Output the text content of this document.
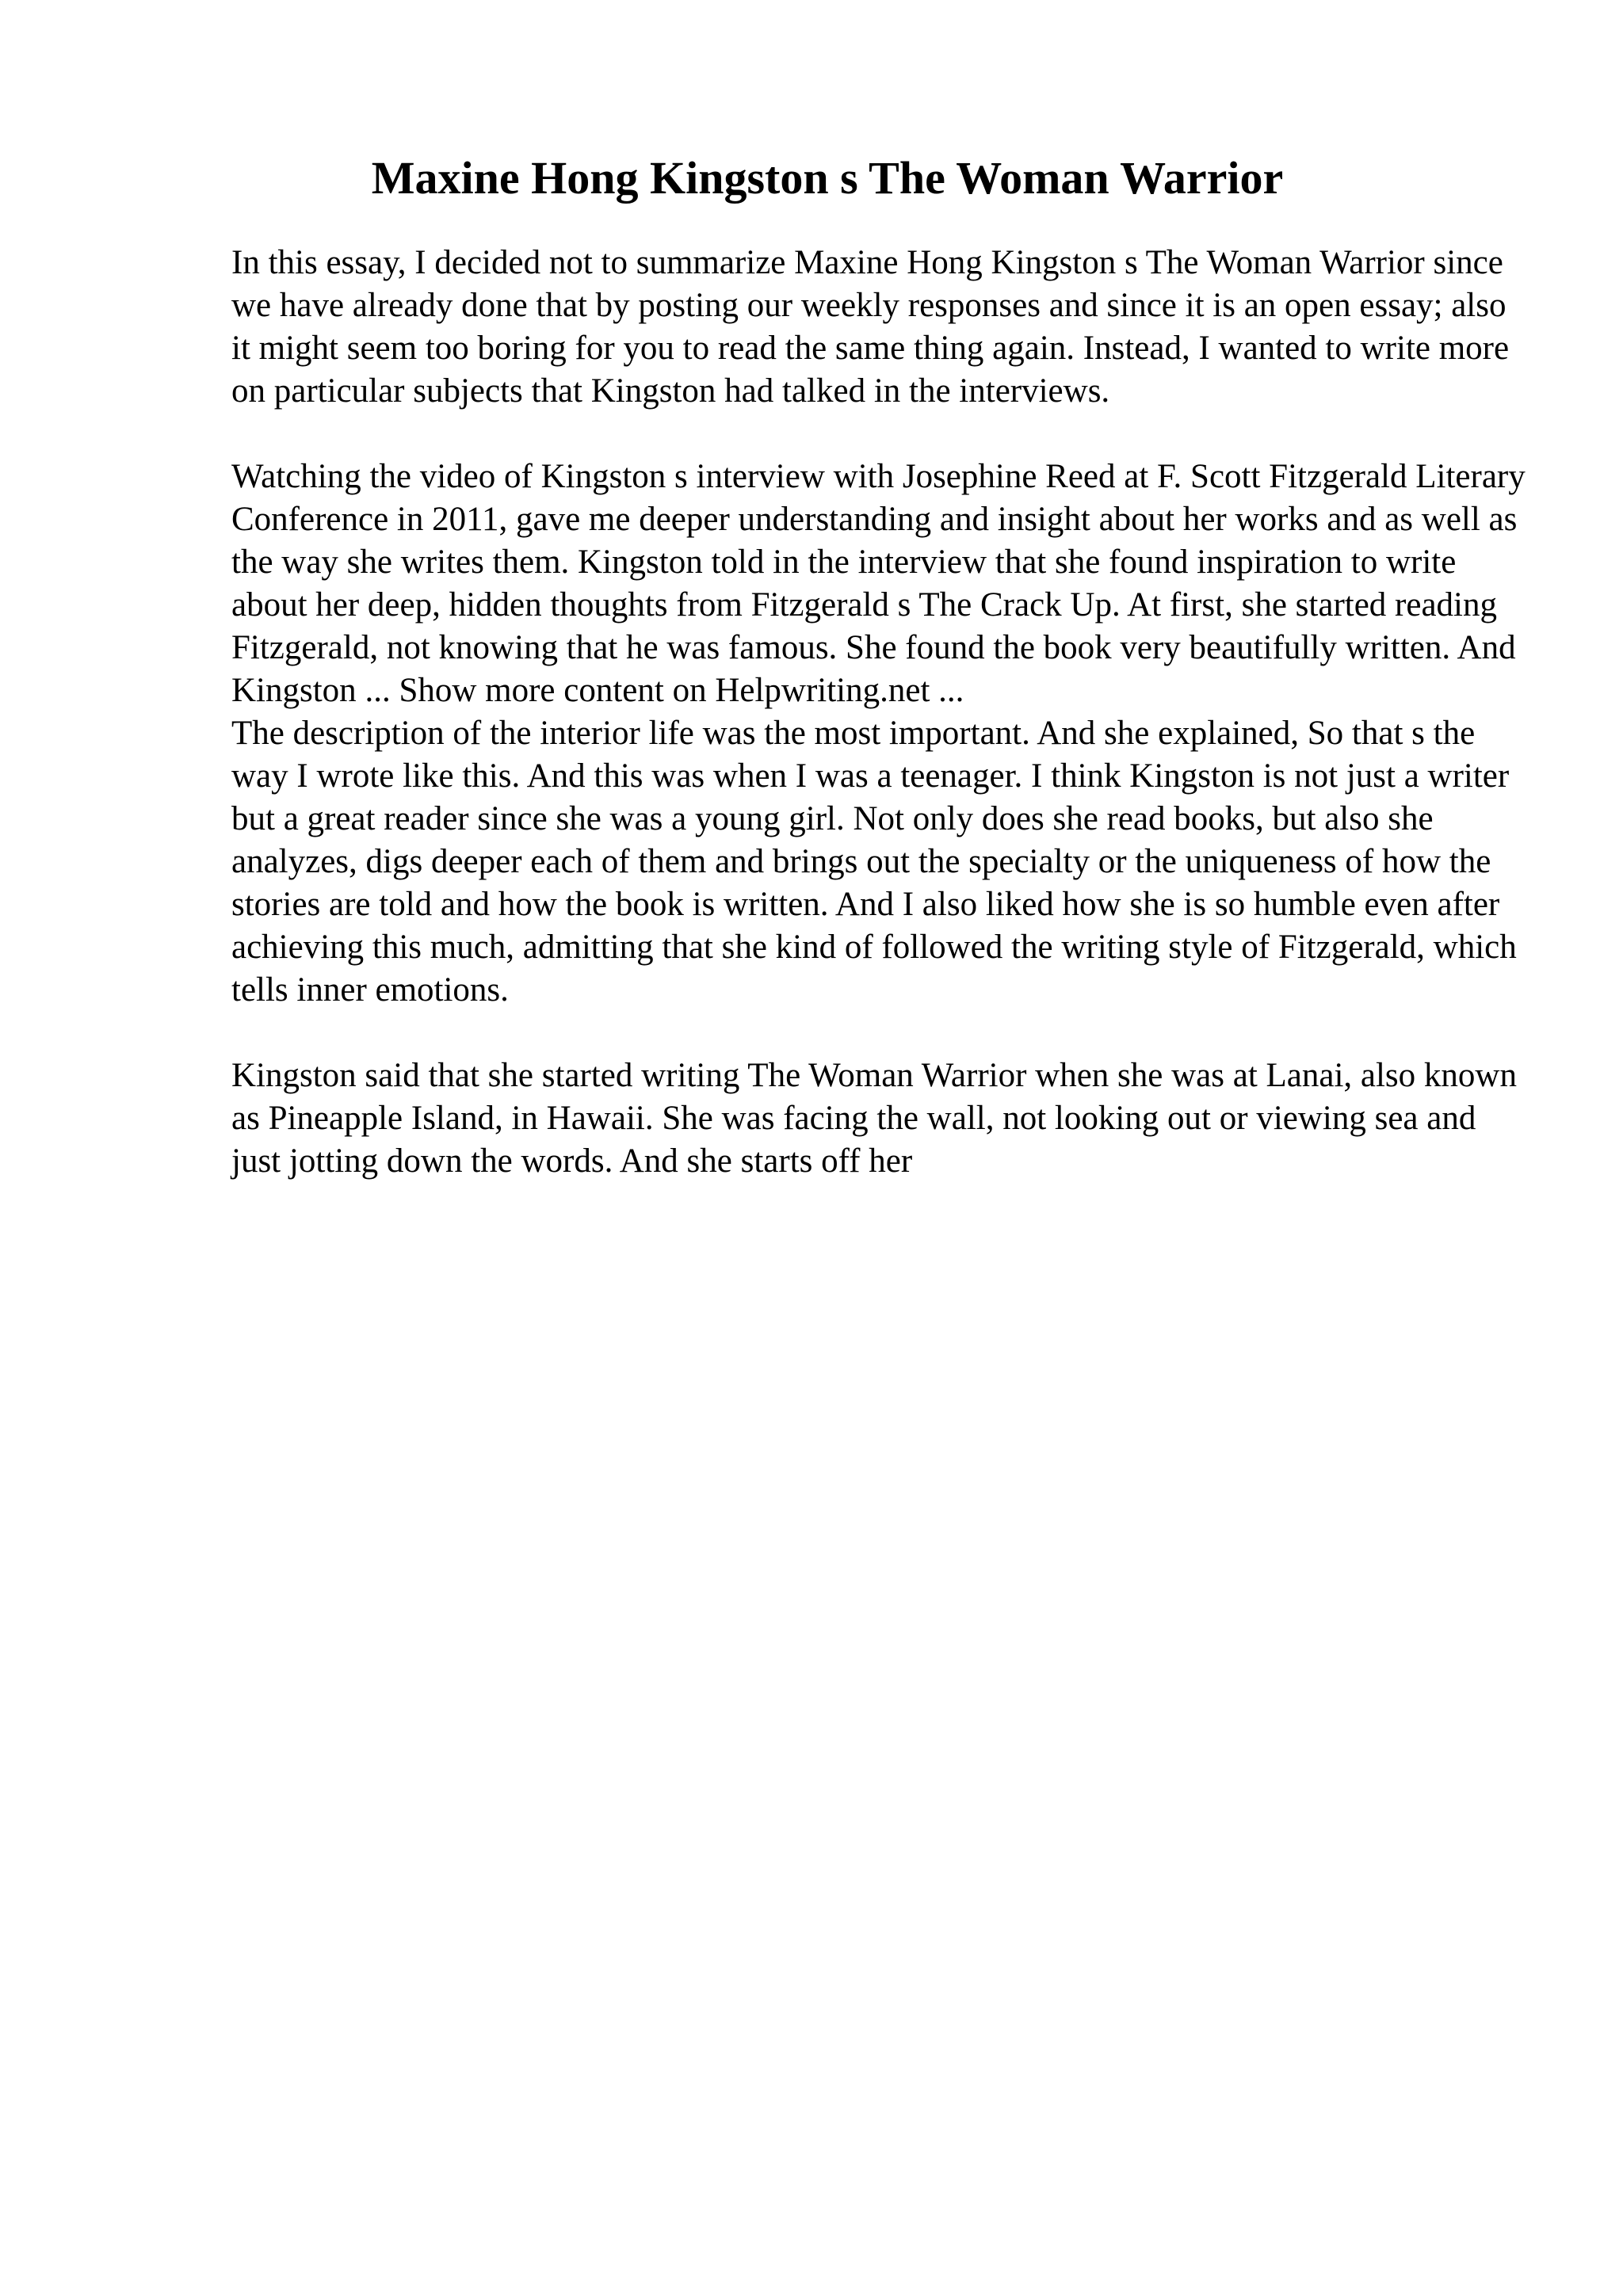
Maxine Hong Kingston s The Woman Warrior

In this essay, I decided not to summarize Maxine Hong Kingston s The Woman Warrior since we have already done that by posting our weekly responses and since it is an open essay; also it might seem too boring for you to read the same thing again. Instead, I wanted to write more on particular subjects that Kingston had talked in the interviews.

Watching the video of Kingston s interview with Josephine Reed at F. Scott Fitzgerald Literary Conference in 2011, gave me deeper understanding and insight about her works and as well as the way she writes them. Kingston told in the interview that she found inspiration to write about her deep, hidden thoughts from Fitzgerald s The Crack Up. At first, she started reading Fitzgerald, not knowing that he was famous. She found the book very beautifully written. And Kingston ... Show more content on Helpwriting.net ...

The description of the interior life was the most important. And she explained, So that s the way I wrote like this. And this was when I was a teenager. I think Kingston is not just a writer but a great reader since she was a young girl. Not only does she read books, but also she analyzes, digs deeper each of them and brings out the specialty or the uniqueness of how the stories are told and how the book is written. And I also liked how she is so humble even after achieving this much, admitting that she kind of followed the writing style of Fitzgerald, which tells inner emotions.

Kingston said that she started writing The Woman Warrior when she was at Lanai, also known as Pineapple Island, in Hawaii. She was facing the wall, not looking out or viewing sea and just jotting down the words. And she starts off her
